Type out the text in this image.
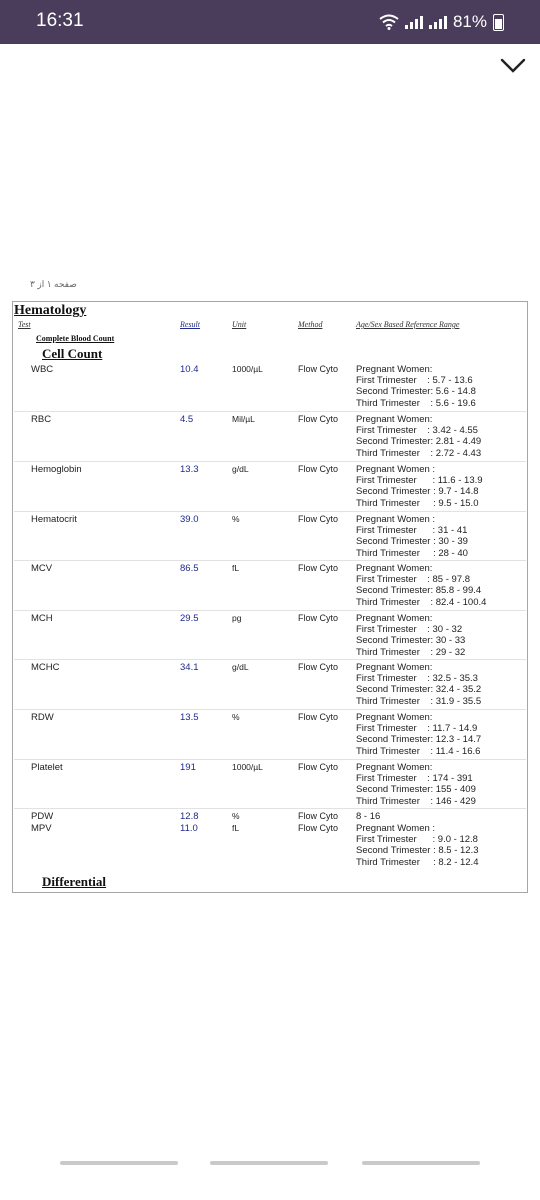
16:31	81%
صفحه ١ از ٣
Hematology
Test	Result	Unit	Method	Age/Sex Based Reference Range
Complete Blood Count
Cell Count
WBC	10.4	1000/µL	Flow Cyto Pregnant Women:
First Trimester    : 5.7 - 13.6
Second Trimester: 5.6 - 14.8
Third Trimester    : 5.6 - 19.6
RBC	4.5	Mil/µL	Flow Cyto Pregnant Women:
First Trimester    : 3.42 - 4.55
Second Trimester: 2.81 - 4.49
Third Trimester    : 2.72 - 4.43
Hemoglobin	13.3	g/dL	Flow Cyto Pregnant Women :
First Trimester      : 11.6 - 13.9
Second Trimester : 9.7 - 14.8
Third Trimester     : 9.5 - 15.0
Hematocrit	39.0	%	Flow Cyto Pregnant Women :
First Trimester      : 31 - 41
Second Trimester : 30 - 39
Third Trimester     : 28 - 40
MCV	86.5	fL	Flow Cyto Pregnant Women:
First Trimester    : 85 - 97.8
Second Trimester: 85.8 - 99.4
Third Trimester    : 82.4 - 100.4
MCH	29.5	pg	Flow Cyto Pregnant Women:
First Trimester    : 30 - 32
Second Trimester: 30 - 33
Third Trimester    : 29 - 32
MCHC	34.1	g/dL	Flow Cyto Pregnant Women:
First Trimester    : 32.5 - 35.3
Second Trimester: 32.4 - 35.2
Third Trimester    : 31.9 - 35.5
RDW	13.5	%	Flow Cyto Pregnant Women:
First Trimester    : 11.7 - 14.9
Second Trimester: 12.3 - 14.7
Third Trimester    : 11.4 - 16.6
Platelet	191	1000/µL	Flow Cyto Pregnant Women:
First Trimester    : 174 - 391
Second Trimester: 155 - 409
Third Trimester    : 146 - 429
PDW	12.8	%	Flow Cyto 8 - 16
MPV	11.0	fL	Flow Cyto Pregnant Women :
First Trimester      : 9.0 - 12.8
Second Trimester : 8.5 - 12.3
Third Trimester     : 8.2 - 12.4
Differential
